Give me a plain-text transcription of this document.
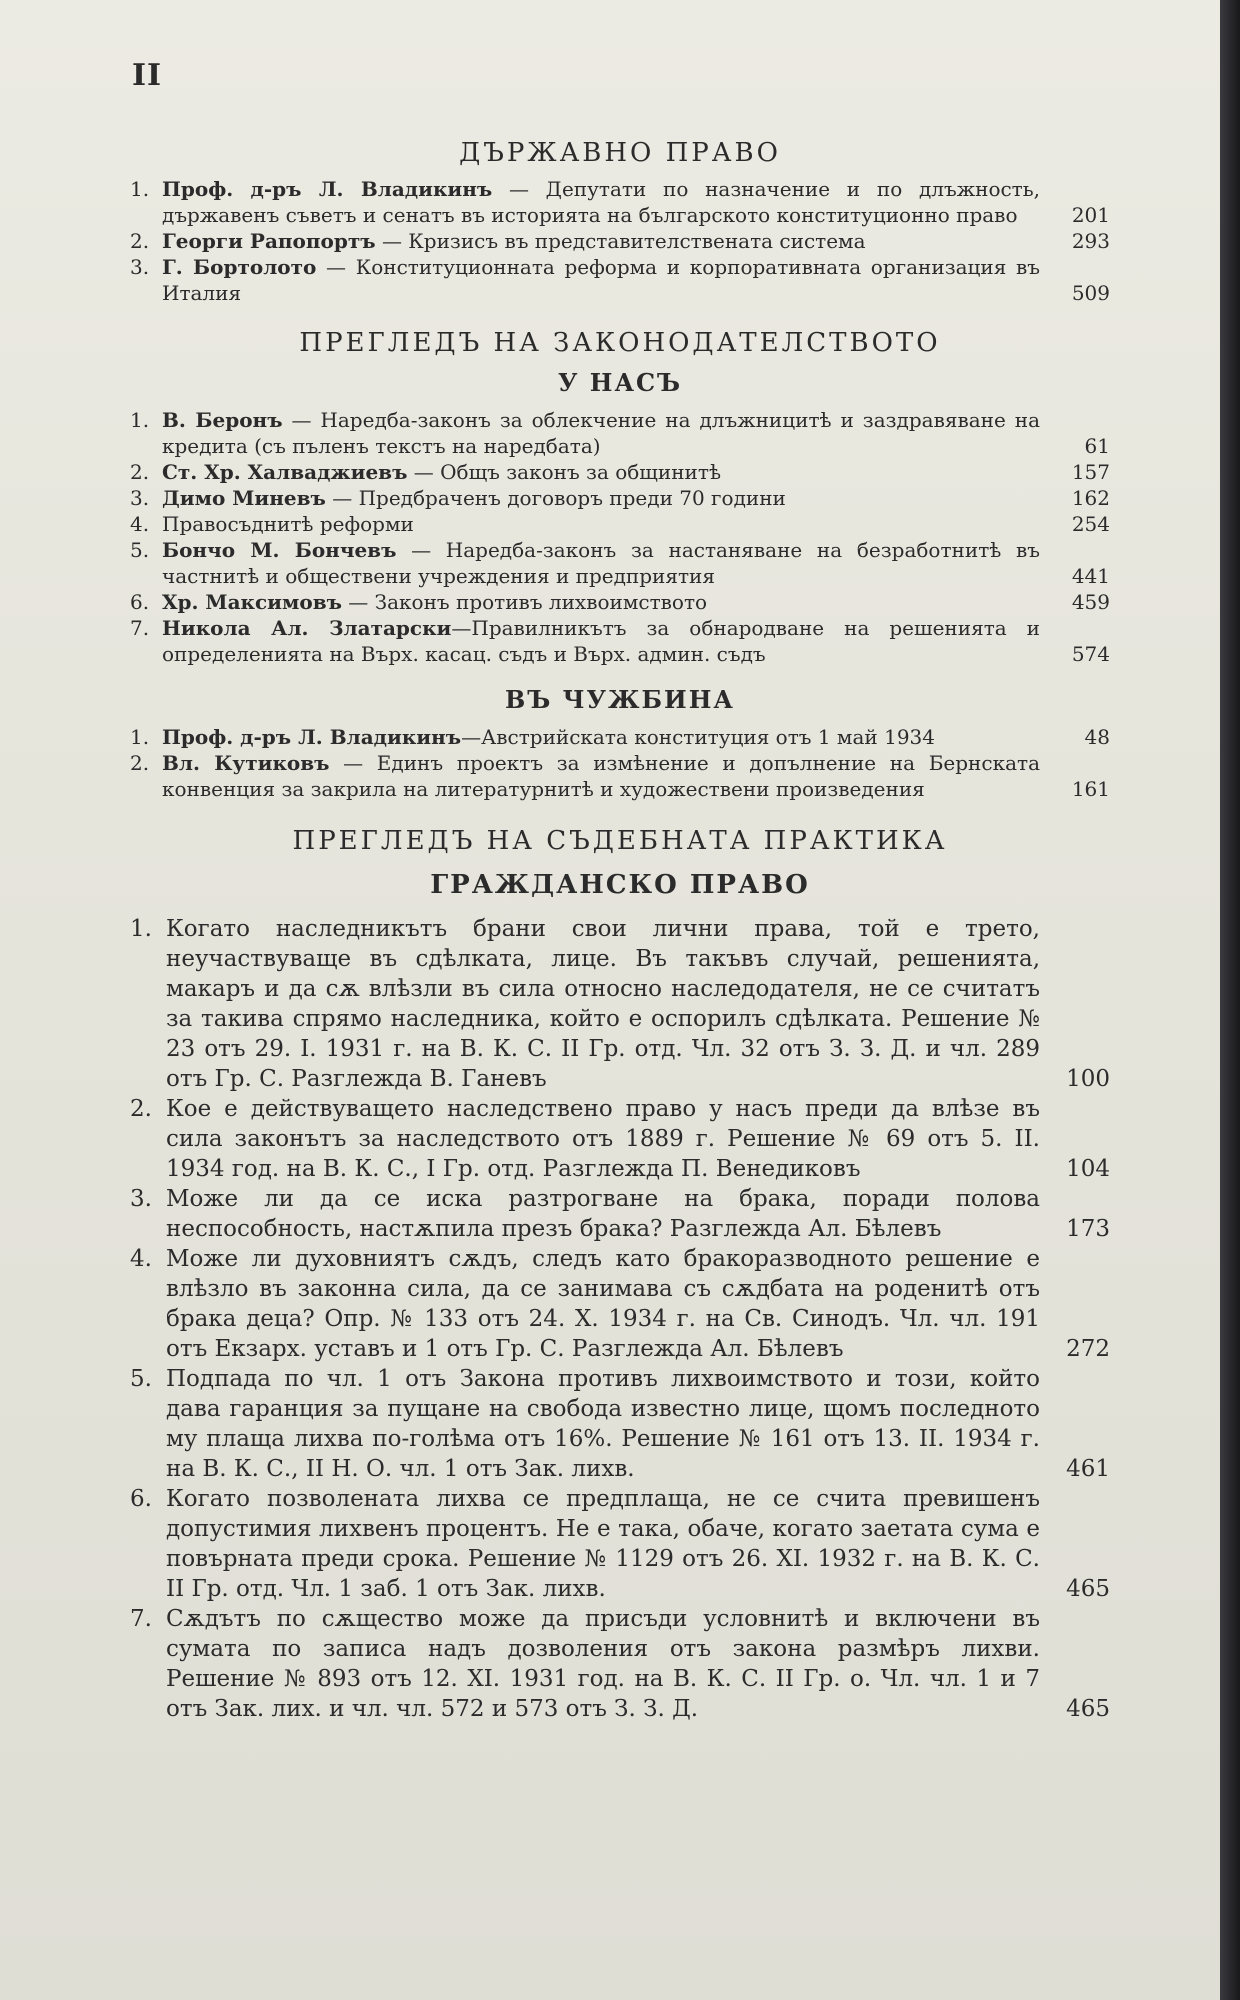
II
ДЪРЖАВНО ПРАВО
1. Проф. д-ръ Л. Владикинъ — Депутати по назначение и по длъжность, държавенъ съветъ и сенатъ въ историята на българското конституционно право	201
2. Георги Рапопортъ — Кризисъ въ представителствената система	293
3. Г. Бортолото — Конституционната реформа и корпоративната организация въ Италия	509
ПРЕГЛЕДЪ НА ЗАКОНОДАТЕЛСТВОТО
У НАСЪ
1. В. Беронъ — Наредба-законъ за облекчение на длъжницитѣ и заздравяване на кредита (съ пъленъ текстъ на наредбата)	61
2. Ст. Хр. Халваджиевъ — Общъ законъ за общинитѣ	157
3. Димо Миневъ — Предбраченъ договоръ преди 70 години	162
4. Правосъднитѣ реформи	254
5. Бончо М. Бончевъ — Наредба-законъ за настаняване на безработнитѣ въ частнитѣ и обществени учреждения и предприятия	441
6. Хр. Максимовъ — Законъ противъ лихвоимството	459
7. Никола Ал. Златарски—Правилникътъ за обнародване на решенията и определенията на Върх. касац. съдъ и Върх. админ. съдъ	574
ВЪ ЧУЖБИНА
1. Проф. д-ръ Л. Владикинъ—Австрийската конституция отъ 1 май 1934	48
2. Вл. Кутиковъ — Единъ проектъ за измѣнение и допълнение на Бернската конвенция за закрила на литературнитѣ и художествени произведения	161
ПРЕГЛЕДЪ НА СЪДЕБНАТА ПРАКТИКА
ГРАЖДАНСКО ПРАВО
1. Когато наследникътъ брани свои лични права, той е трето, неучаствуваще въ сдѣлката, лице. Въ такъвъ случай, решенията, макаръ и да сѫ влѣзли въ сила относно наследодателя, не се считатъ за такива спрямо наследника, който е оспорилъ сдѣлката. Решение № 23 отъ 29. I. 1931 г. на В. К. С. II Гр. отд. Чл. 32 отъ З. З. Д. и чл. 289 отъ Гр. С. Разглежда В. Ганевъ	100
2. Кое е действуващето наследствено право у насъ преди да влѣзе въ сила законътъ за наследството отъ 1889 г. Решение № 69 отъ 5. II. 1934 год. на В. К. С., I Гр. отд. Разглежда П. Венедиковъ	104
3. Може ли да се иска разтрогване на брака, поради полова неспособность, настѫпила презъ брака? Разглежда Ал. Бѣлевъ	173
4. Може ли духовниятъ сѫдъ, следъ като бракоразводното решение е влѣзло въ законна сила, да се занимава съ сѫдбата на роденитѣ отъ брака деца? Опр. № 133 отъ 24. X. 1934 г. на Св. Синодъ. Чл. чл. 191 отъ Екзарх. уставъ и 1 отъ Гр. С. Разглежда Ал. Бѣлевъ	272
5. Подпада по чл. 1 отъ Закона противъ лихвоимството и този, който дава гаранция за пущане на свобода известно лице, щомъ последното му плаща лихва по-голѣма отъ 16%. Решение № 161 отъ 13. II. 1934 г. на В. К. С., II Н. О. чл. 1 отъ Зак. лихв.	461
6. Когато позволената лихва се предплаща, не се счита превишенъ допустимия лихвенъ процентъ. Не е така, обаче, когато заетата сума е повърната преди срока. Решение № 1129 отъ 26. XI. 1932 г. на В. К. С. II Гр. отд. Чл. 1 заб. 1 отъ Зак. лихв.	465
7. Сѫдътъ по сѫщество може да присъди условнитѣ и включени въ сумата по записа надъ дозволения отъ закона размѣръ лихви. Решение № 893 отъ 12. XI. 1931 год. на В. К. С. II Гр. о. Чл. чл. 1 и 7 отъ Зак. лих. и чл. чл. 572 и 573 отъ З. З. Д.	465
